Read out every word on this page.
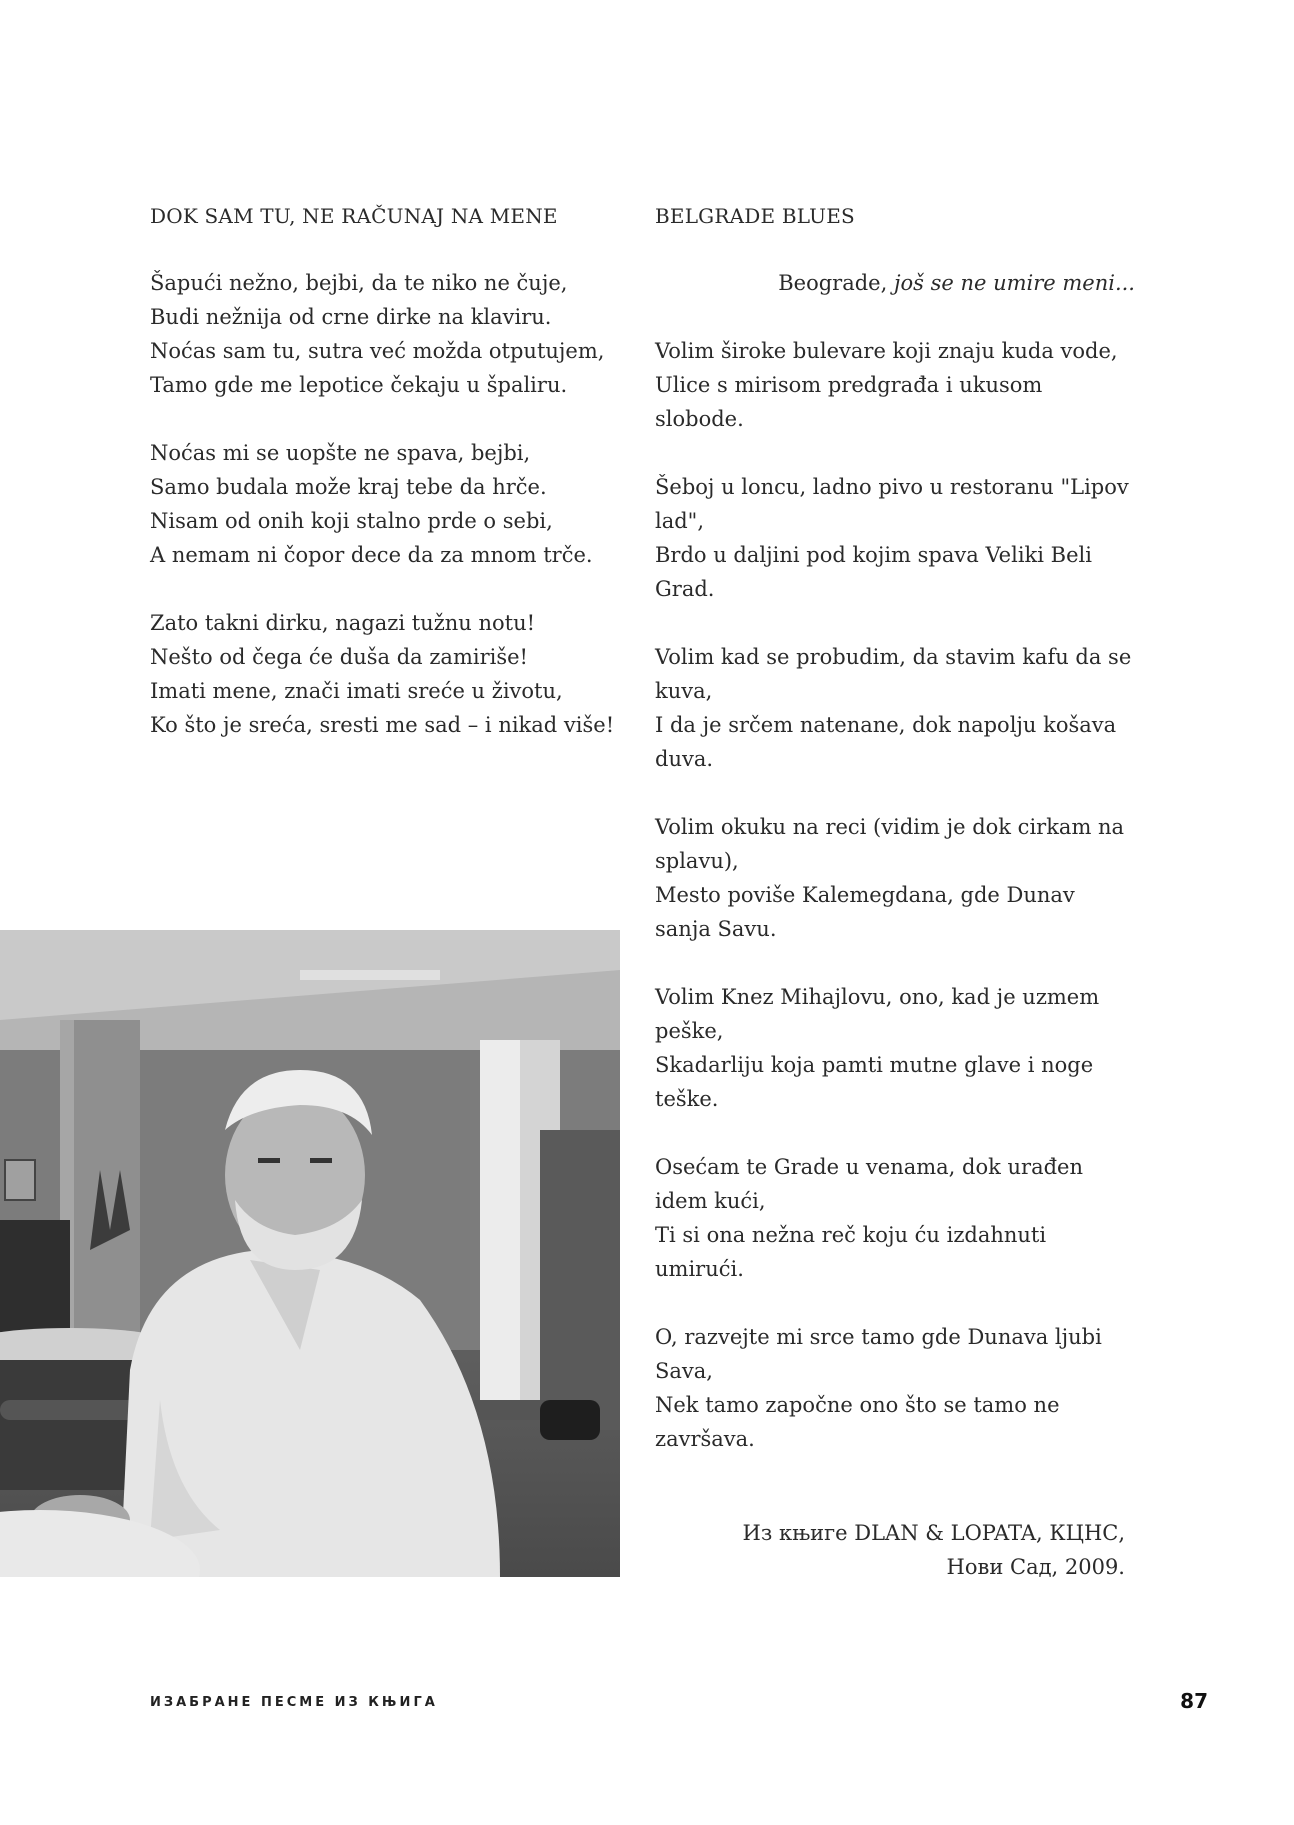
DOK SAM TU, NE RAČUNAJ NA MENE
Šapući nežno, bejbi, da te niko ne čuje,
Budi nežnija od crne dirke na klaviru.
Noćas sam tu, sutra već možda otputujem,
Tamo gde me lepotice čekaju u špaliru.
Noćas mi se uopšte ne spava, bejbi,
Samo budala može kraj tebe da hrče.
Nisam od onih koji stalno prde o sebi,
A nemam ni čopor dece da za mnom trče.
Zato takni dirku, nagazi tužnu notu!
Nešto od čega će duša da zamiriše!
Imati mene, znači imati sreće u životu,
Ko što je sreća, sresti me sad – i nikad više!
BELGRADE BLUES
Beograde, još se ne umire meni...
Volim široke bulevare koji znaju kuda vode,
Ulice s mirisom predgrađa i ukusom slobode.
Šeboj u loncu, ladno pivo u restoranu "Lipov lad",
Brdo u daljini pod kojim spava Veliki Beli Grad.
Volim kad se probudim, da stavim kafu da se kuva,
I da je srčem natenane, dok napolju košava duva.
Volim okuku na reci (vidim je dok cirkam na splavu),
Mesto poviše Kalemegdana, gde Dunav sanja Savu.
Volim Knez Mihajlovu, ono, kad je uzmem peške,
Skadarliju koja pamti mutne glave i noge teške.
Osećam te Grade u venama, dok urađen idem kući,
Ti si ona nežna reč koju ću izdahnuti umirući.
O, razvejte mi srce tamo gde Dunava ljubi Sava,
Nek tamo započne ono što se tamo ne završava.
Из књиге DLAN & LOPATA, КЦНС,
Нови Сад, 2009.
ИЗАБРАНЕ ПЕСМЕ ИЗ КЊИГА	87
